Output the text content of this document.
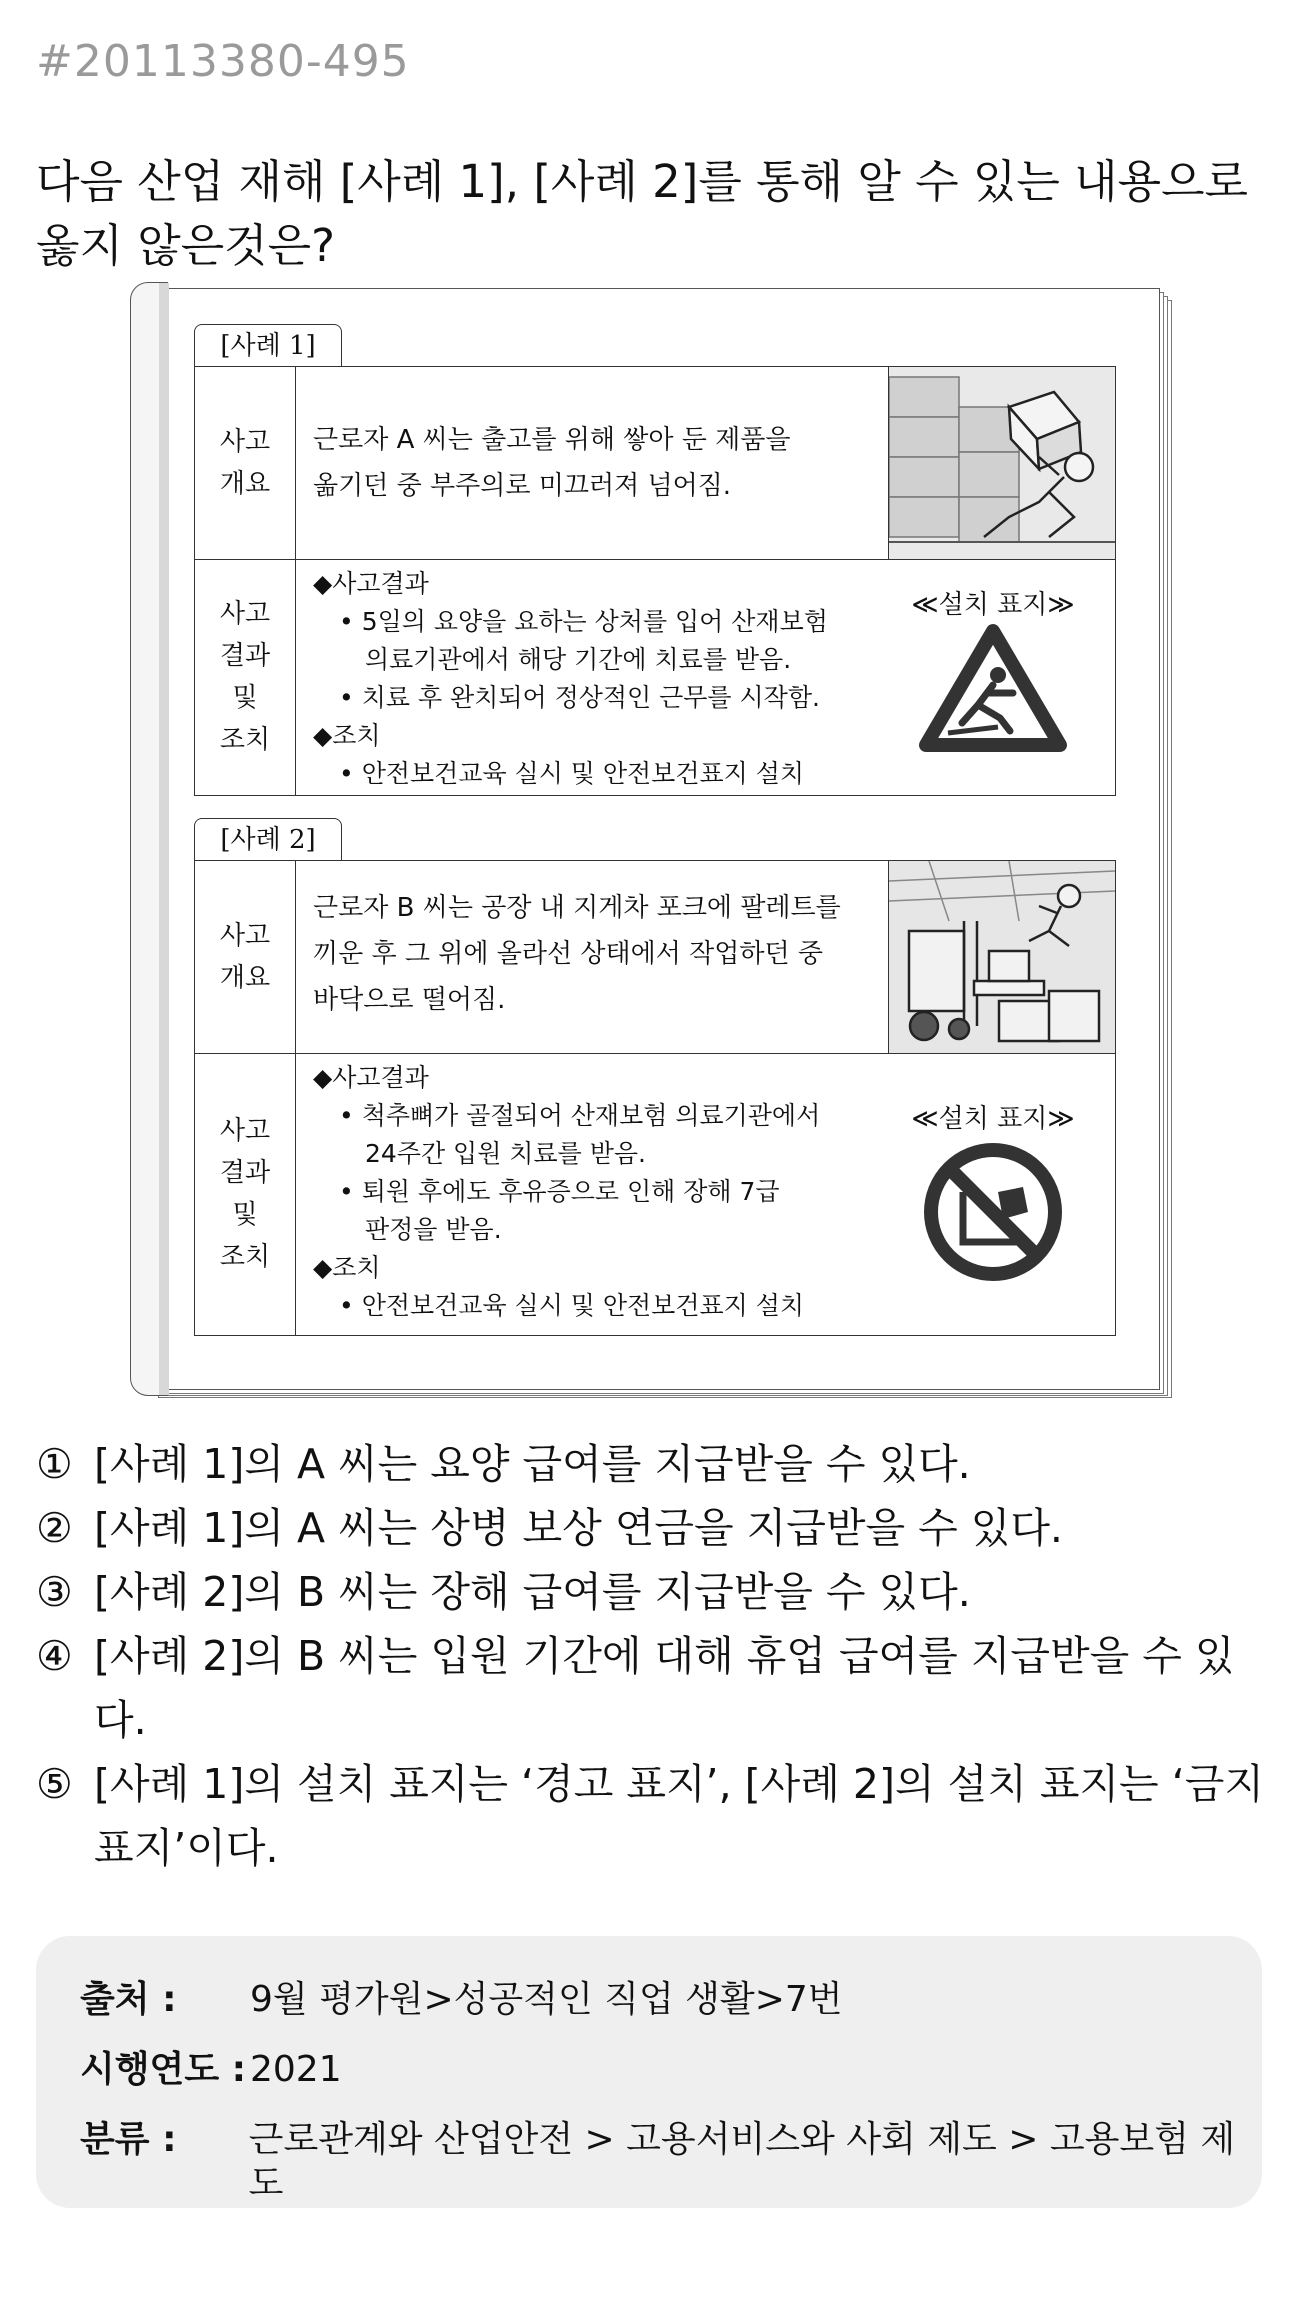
#20113380-495
다음 산업 재해 [사례 1], [사례 2]를 통해 알 수 있는 내용으로 옳지 않은것은?
[사례 1]
사고
개요
근로자 A 씨는 출고를 위해 쌓아 둔 제품을
옮기던 중 부주의로 미끄러져 넘어짐.
사고
결과
및
조치
◆사고결과
• 5일의 요양을 요하는 상처를 입어 산재보험
의료기관에서 해당 기간에 치료를 받음.
• 치료 후 완치되어 정상적인 근무를 시작함.
◆조치
• 안전보건교육 실시 및 안전보건표지 설치
≪설치 표지≫
[사례 2]
사고
개요
근로자 B 씨는 공장 내 지게차 포크에 팔레트를
끼운 후 그 위에 올라선 상태에서 작업하던 중
바닥으로 떨어짐.
사고
결과
및
조치
◆사고결과
• 척추뼈가 골절되어 산재보험 의료기관에서
24주간 입원 치료를 받음.
• 퇴원 후에도 후유증으로 인해 장해 7급
판정을 받음.
◆조치
• 안전보건교육 실시 및 안전보건표지 설치
≪설치 표지≫
① [사례 1]의 A 씨는 요양 급여를 지급받을 수 있다.
② [사례 1]의 A 씨는 상병 보상 연금을 지급받을 수 있다.
③ [사례 2]의 B 씨는 장해 급여를 지급받을 수 있다.
④ [사례 2]의 B 씨는 입원 기간에 대해 휴업 급여를 지급받을 수 있다.
⑤ [사례 1]의 설치 표지는 ‘경고 표지’, [사례 2]의 설치 표지는 ‘금지 표지’이다.
출처 :	9월 평가원>성공적인 직업 생활>7번
시행연도 : 2021
분류 :	근로관계와 산업안전 > 고용서비스와 사회 제도 > 고용보험 제도
